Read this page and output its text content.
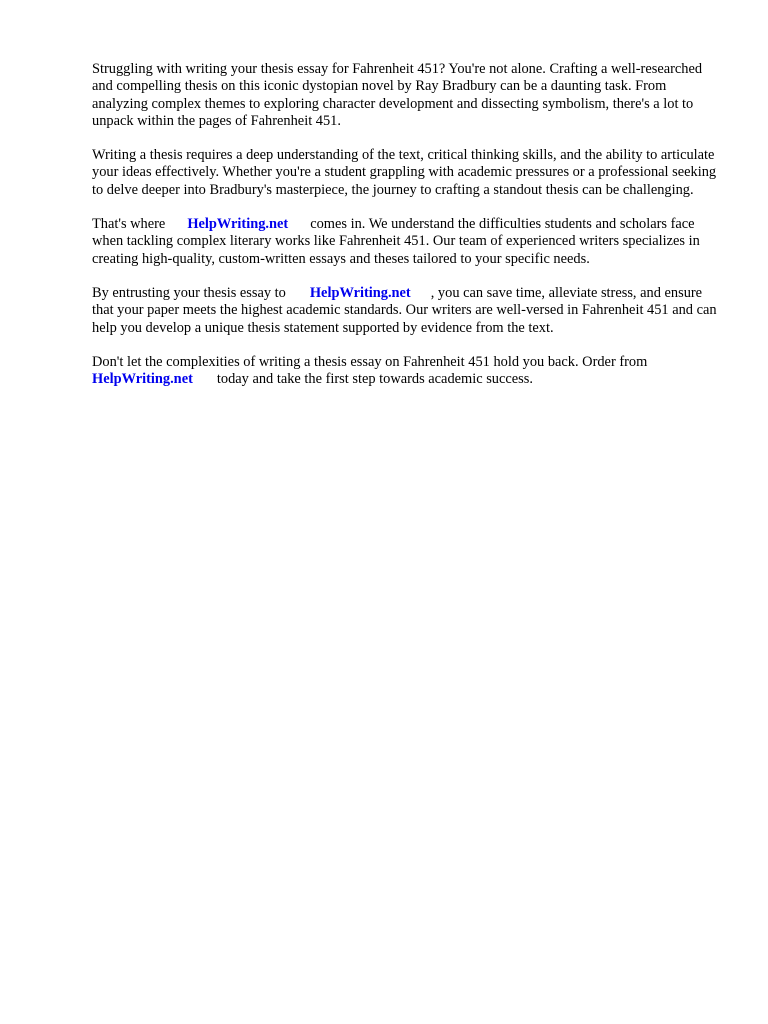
Struggling with writing your thesis essay for Fahrenheit 451? You're not alone. Crafting a well-researched and compelling thesis on this iconic dystopian novel by Ray Bradbury can be a daunting task. From analyzing complex themes to exploring character development and dissecting symbolism, there's a lot to unpack within the pages of Fahrenheit 451.

Writing a thesis requires a deep understanding of the text, critical thinking skills, and the ability to articulate your ideas effectively. Whether you're a student grappling with academic pressures or a professional seeking to delve deeper into Bradbury's masterpiece, the journey to crafting a standout thesis can be challenging.

That's where HelpWriting.net comes in. We understand the difficulties students and scholars face when tackling complex literary works like Fahrenheit 451. Our team of experienced writers specializes in creating high-quality, custom-written essays and theses tailored to your specific needs.

By entrusting your thesis essay to HelpWriting.net , you can save time, alleviate stress, and ensure that your paper meets the highest academic standards. Our writers are well-versed in Fahrenheit 451 and can help you develop a unique thesis statement supported by evidence from the text.

Don't let the complexities of writing a thesis essay on Fahrenheit 451 hold you back. Order from HelpWriting.net today and take the first step towards academic success.
